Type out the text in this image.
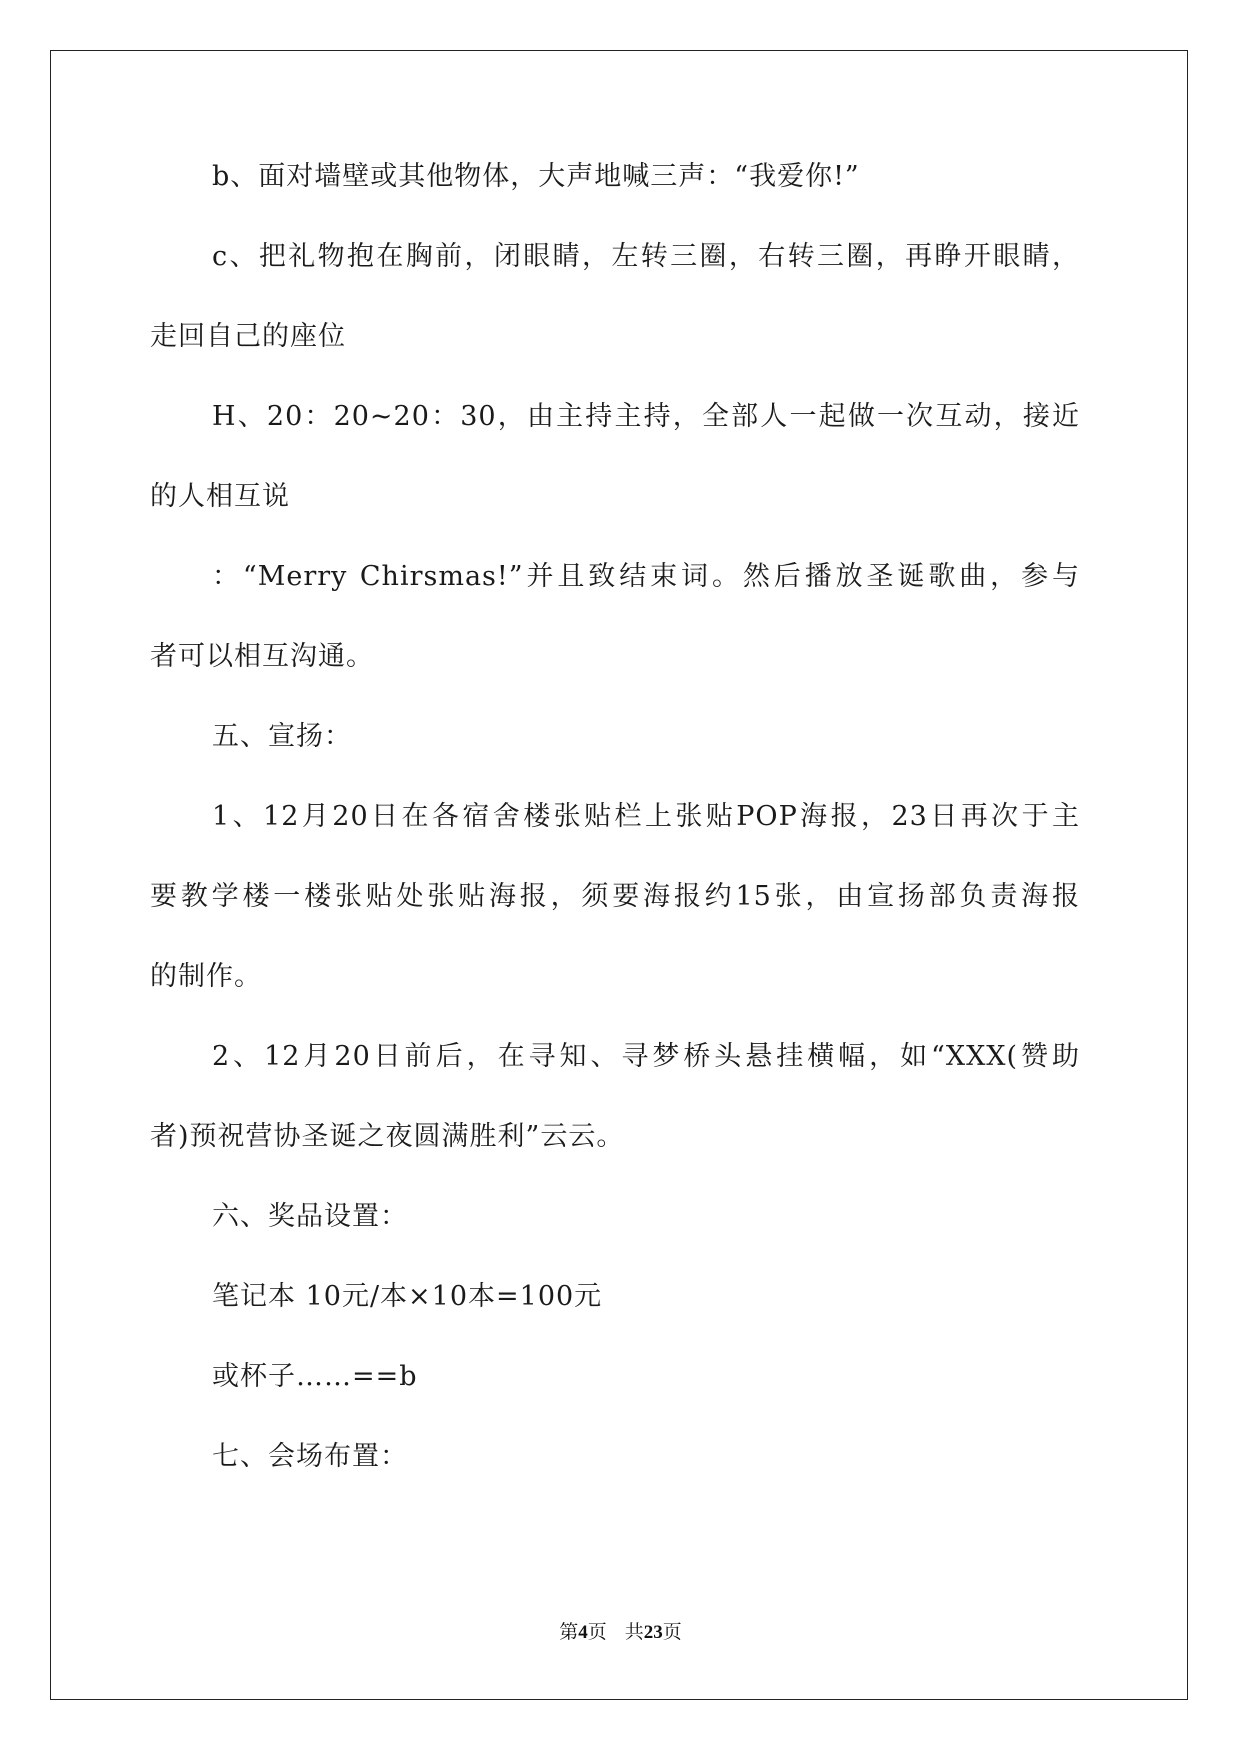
b、面对墙壁或其他物体，大声地喊三声：“我爱你!”
c、把礼物抱在胸前，闭眼睛，左转三圈，右转三圈，再睁开眼睛，
走回自己的座位
H、20：20~20：30，由主持主持，全部人一起做一次互动，接近
的人相互说
：“Merry Chirsmas!”并且致结束词。然后播放圣诞歌曲，参与
者可以相互沟通。
五、宣扬：
1、12月20日在各宿舍楼张贴栏上张贴POP海报，23日再次于主
要教学楼一楼张贴处张贴海报，须要海报约15张，由宣扬部负责海报
的制作。
2、12月20日前后，在寻知、寻梦桥头悬挂横幅，如“XXX(赞助
者)预祝营协圣诞之夜圆满胜利”云云。
六、奖品设置：
笔记本 10元/本×10本=100元
或杯子……==b
七、会场布置：
第4页 共23页
